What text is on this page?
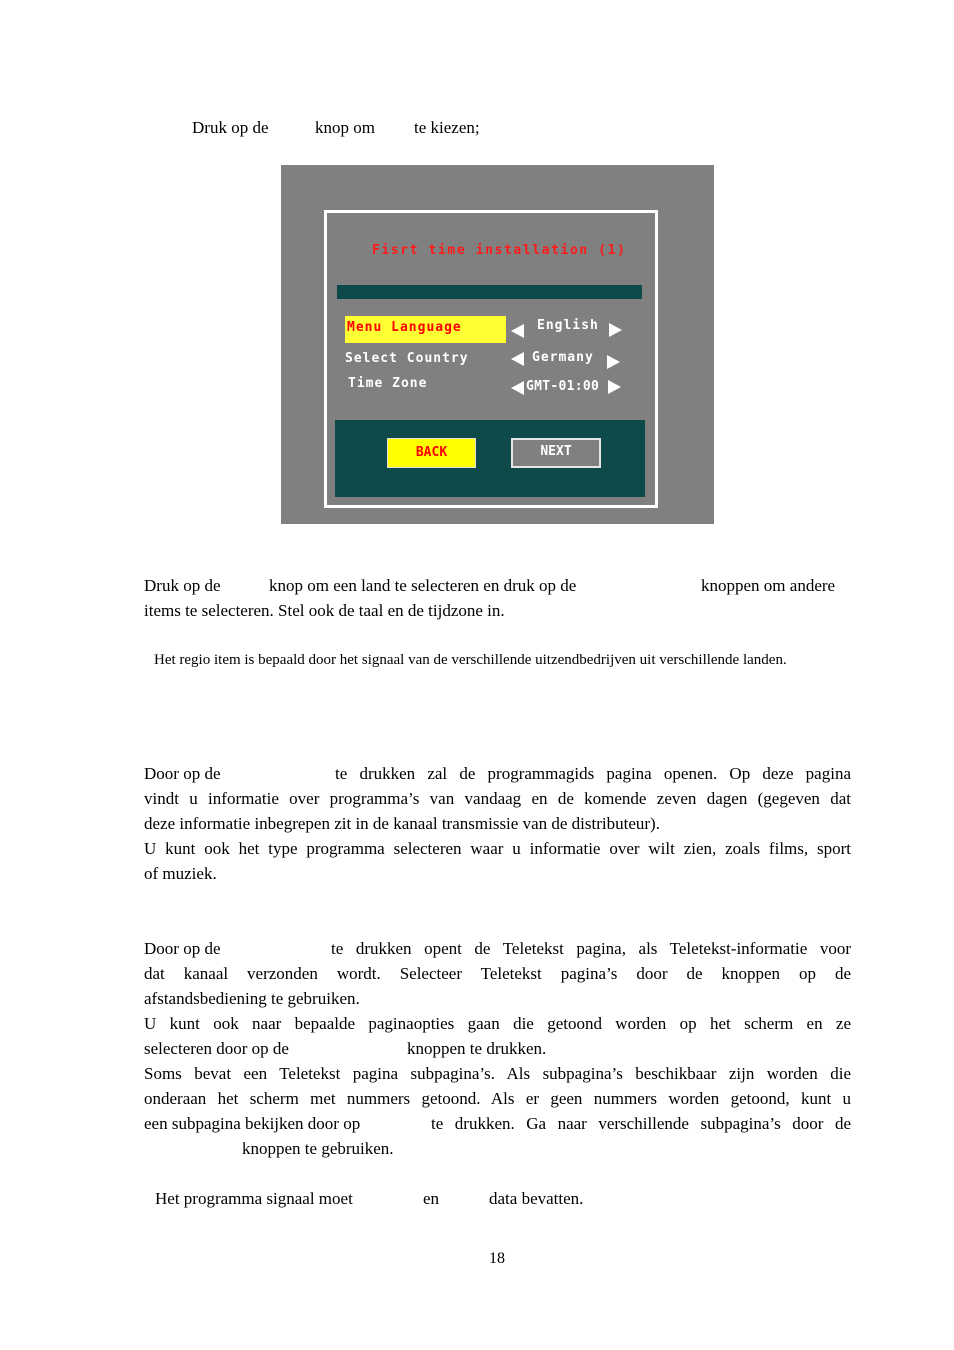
Druk op de	knop om te kiezen;
Fisrt time installation (1)
Menu Language	English
Select Country	Germany
Time Zone	GMT-01:00
BACK	NEXT
Druk op de	knop om een land te selecteren en druk op de	knoppen om andere
items te selecteren. Stel ook de taal en de tijdzone in.
Het regio item is bepaald door het signaal van de verschillende uitzendbedrijven uit verschillende landen.
Door op de	te drukken zal de programmagids pagina openen. Op deze pagina
vindt u informatie over programma’s van vandaag en de komende zeven dagen (gegeven dat
deze informatie inbegrepen zit in de kanaal transmissie van de distributeur).
U kunt ook het type programma selecteren waar u informatie over wilt zien, zoals films, sport
of muziek.
Door op de	te drukken opent de Teletekst pagina, als Teletekst-informatie voor
dat kanaal verzonden wordt. Selecteer Teletekst pagina’s door de knoppen op de
afstandsbediening te gebruiken.
U kunt ook naar bepaalde paginaopties gaan die getoond worden op het scherm en ze
selecteren door op de	knoppen te drukken.
Soms bevat een Teletekst pagina subpagina’s. Als subpagina’s beschikbaar zijn worden die
onderaan het scherm met nummers getoond. Als er geen nummers worden getoond, kunt u
een subpagina bekijken door op	te drukken. Ga naar verschillende subpagina’s door de
knoppen te gebruiken.
Het programma signaal moet	en	data bevatten.
18
